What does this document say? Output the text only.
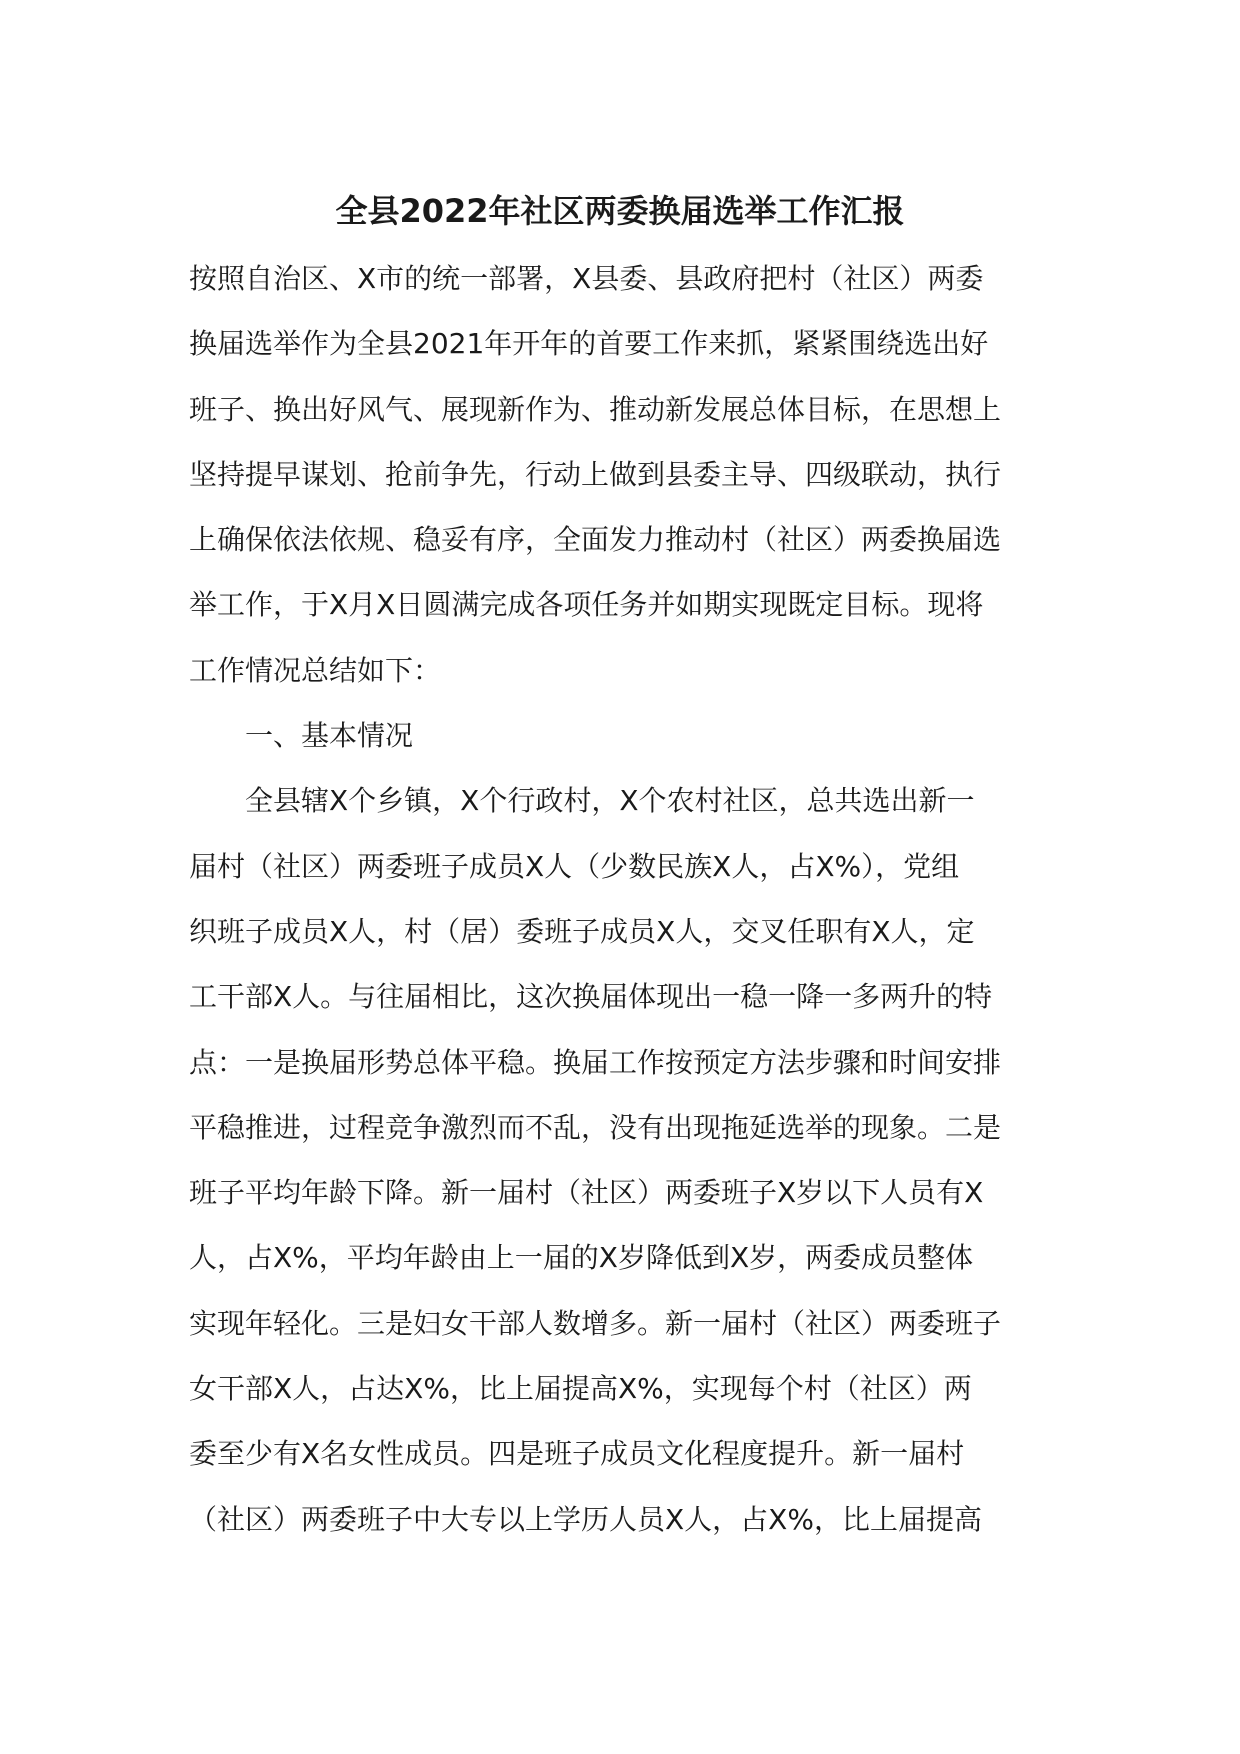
全县2022年社区两委换届选举工作汇报
按照自治区、X市的统一部署，X县委、县政府把村（社区）两委
换届选举作为全县2021年开年的首要工作来抓，紧紧围绕选出好
班子、换出好风气、展现新作为、推动新发展总体目标，在思想上
坚持提早谋划、抢前争先，行动上做到县委主导、四级联动，执行
上确保依法依规、稳妥有序，全面发力推动村（社区）两委换届选
举工作，于X月X日圆满完成各项任务并如期实现既定目标。现将
工作情况总结如下：
一、基本情况
全县辖X个乡镇，X个行政村，X个农村社区，总共选出新一
届村（社区）两委班子成员X人（少数民族X人，占X%），党组
织班子成员X人，村（居）委班子成员X人，交叉任职有X人，定
工干部X人。与往届相比，这次换届体现出一稳一降一多两升的特
点：一是换届形势总体平稳。换届工作按预定方法步骤和时间安排
平稳推进，过程竞争激烈而不乱，没有出现拖延选举的现象。二是
班子平均年龄下降。新一届村（社区）两委班子X岁以下人员有X
人，占X%，平均年龄由上一届的X岁降低到X岁，两委成员整体
实现年轻化。三是妇女干部人数增多。新一届村（社区）两委班子
女干部X人，占达X%，比上届提高X%，实现每个村（社区）两
委至少有X名女性成员。四是班子成员文化程度提升。新一届村
（社区）两委班子中大专以上学历人员X人，占X%，比上届提高
